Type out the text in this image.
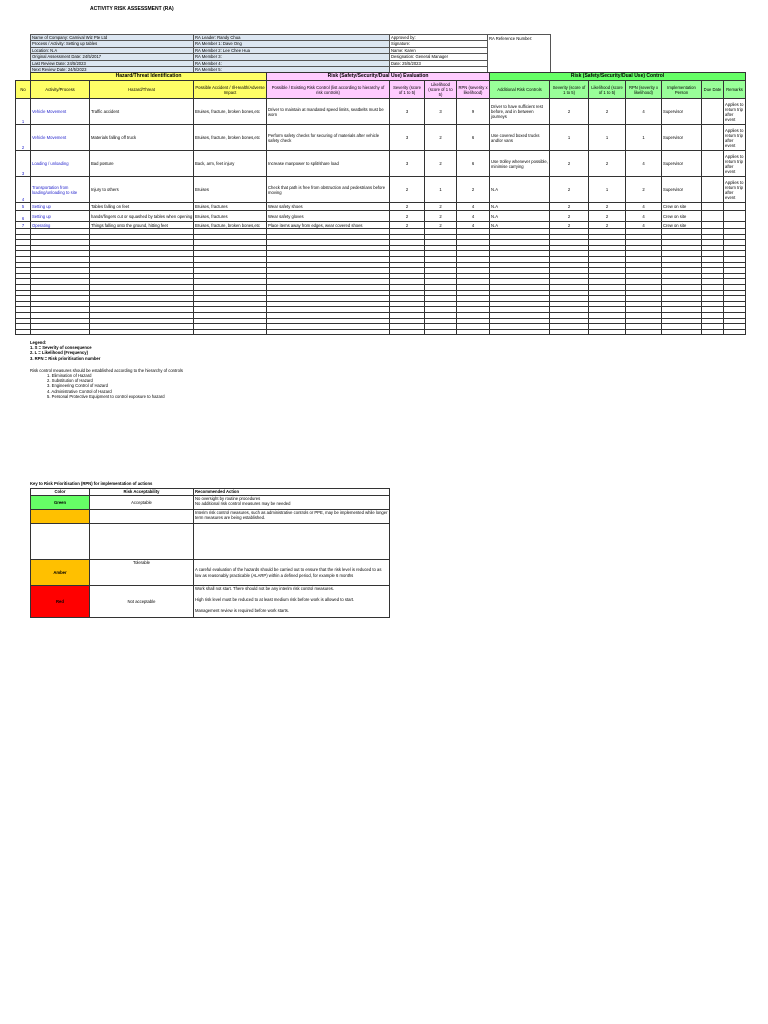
ACTIVITY RISK ASSESSMENT (RA)
Name of Company: Carnival Wiz Pte Ltd	RA Leader: Randy Chua	Approved by:	RA Reference Number:
Process / Activity: Setting up tables	RA Member 1: Dave Ong	Signature:	
Location: N.A	RA Member 2: Lee Chee Hua	Name: Karen	
Original Assessment Date: 24/5/2017	RA Member 3:	Designation: General Manager	
Last Review Date: 24/5/2023	RA Member 4:	Date: 25/5/2023	
Next Review Date: 24/5/2023	RA Member 5:		
	Hazard/Threat Identification			Risk (Safety/Security/Dual Use) Evaluation				Risk (Safety/Security/Dual Use) Control						
No	Activity/Process	Hazard/Threat	Possible Accident / Ill-Health/Adverse Impact	Possible / Existing Risk Control (list according to hierarchy of risk controls)	Severity (score of 1 to 5)	Likelihood (score of 1 to 5)	RPN (severity x likelihood)	Additional Risk Controls	Severity (score of 1 to 5)	Likelihood (score of 1 to 5)	RPN (severity x likelihood)	Implementation Person	Due Date	Remarks
1	Vehicle Movement	Traffic accident	Bruises, fracture, broken bones,etc	Driver to maintain at mandated speed limits, seatbelts must be worn	3	3	9	Driver to have sufficient rest before, and in between journeys	2	2	4	Supervisor		Applies to return trip after event
2	Vehicle Movement	Materials falling off truck	Bruises, fracture, broken bones,etc	Perform safety checks for securing of materials after vehicle safety check	3	2	6	Use covered boxed trucks and/or vans	1	1	1	Supervisor		Applies to return trip after event
3	Loading / unloading	Bad posture	Back, arm, feet injury	Increase manpower to split/share load	3	2	6	Use trolley whenever possible, minimise carrying	2	2	4	Supervisor		Applies to return trip after event
4	Transportation from loading/unloading to site	Injury to others	Bruises	Check that path is free from obstruction and pedestrians before moving	2	1	2	N.A	2	1	2	Supervisor		Applies to return trip after event
5	Setting up	Tables falling on feet	Bruises, fractures	Wear safety shoes	2	2	4	N.A	2	2	4	Crew on site		
6	Setting up	hands/fingers cut or squashed by tables when opening	Bruises, fractures	Wear safety gloves	2	2	4	N.A	2	2	4	Crew on site		
7	Operating	Things falling onto the ground, hitting feet	Bruises, fracture, broken bones,etc	Place items away from edges, wear covered shoes	2	2	4	N.A	2	2	4	Crew on site		

Legend:
1. S = Severity of consequence
2. L = Likelihood (Frequency)
3. RPN = Risk prioritisation number
Risk control measures should be established according to the hierarchy of controls
1. Elimination of Hazard
2. Substitution of Hazard
3. Engineering Control of Hazard
4. Administrative Control of Hazard
5. Personal Protective Equipment to control exposure to hazard
Key to Risk Prioritisation (RPN) for implementation of actions
Color	Risk Acceptability	Recommended Action
Green	Acceptable	No oversight by routine procedures
No additional risk control measures may be needed

		Interim risk control measures, such as administrative controls or PPE, may be implemented while longer term measures are being established.

Amber	Tolerable	A careful evaluation of the hazards should be carried out to ensure that the risk level is reduced to as low as reasonably practicable (ALARP) within a defined period, for example 6 months
Red	Not acceptable	Work shall not start. There should not be any interim risk control measures.
High risk level must be reduced to at least medium risk before work is allowed to start.
Management review is required before work starts.
